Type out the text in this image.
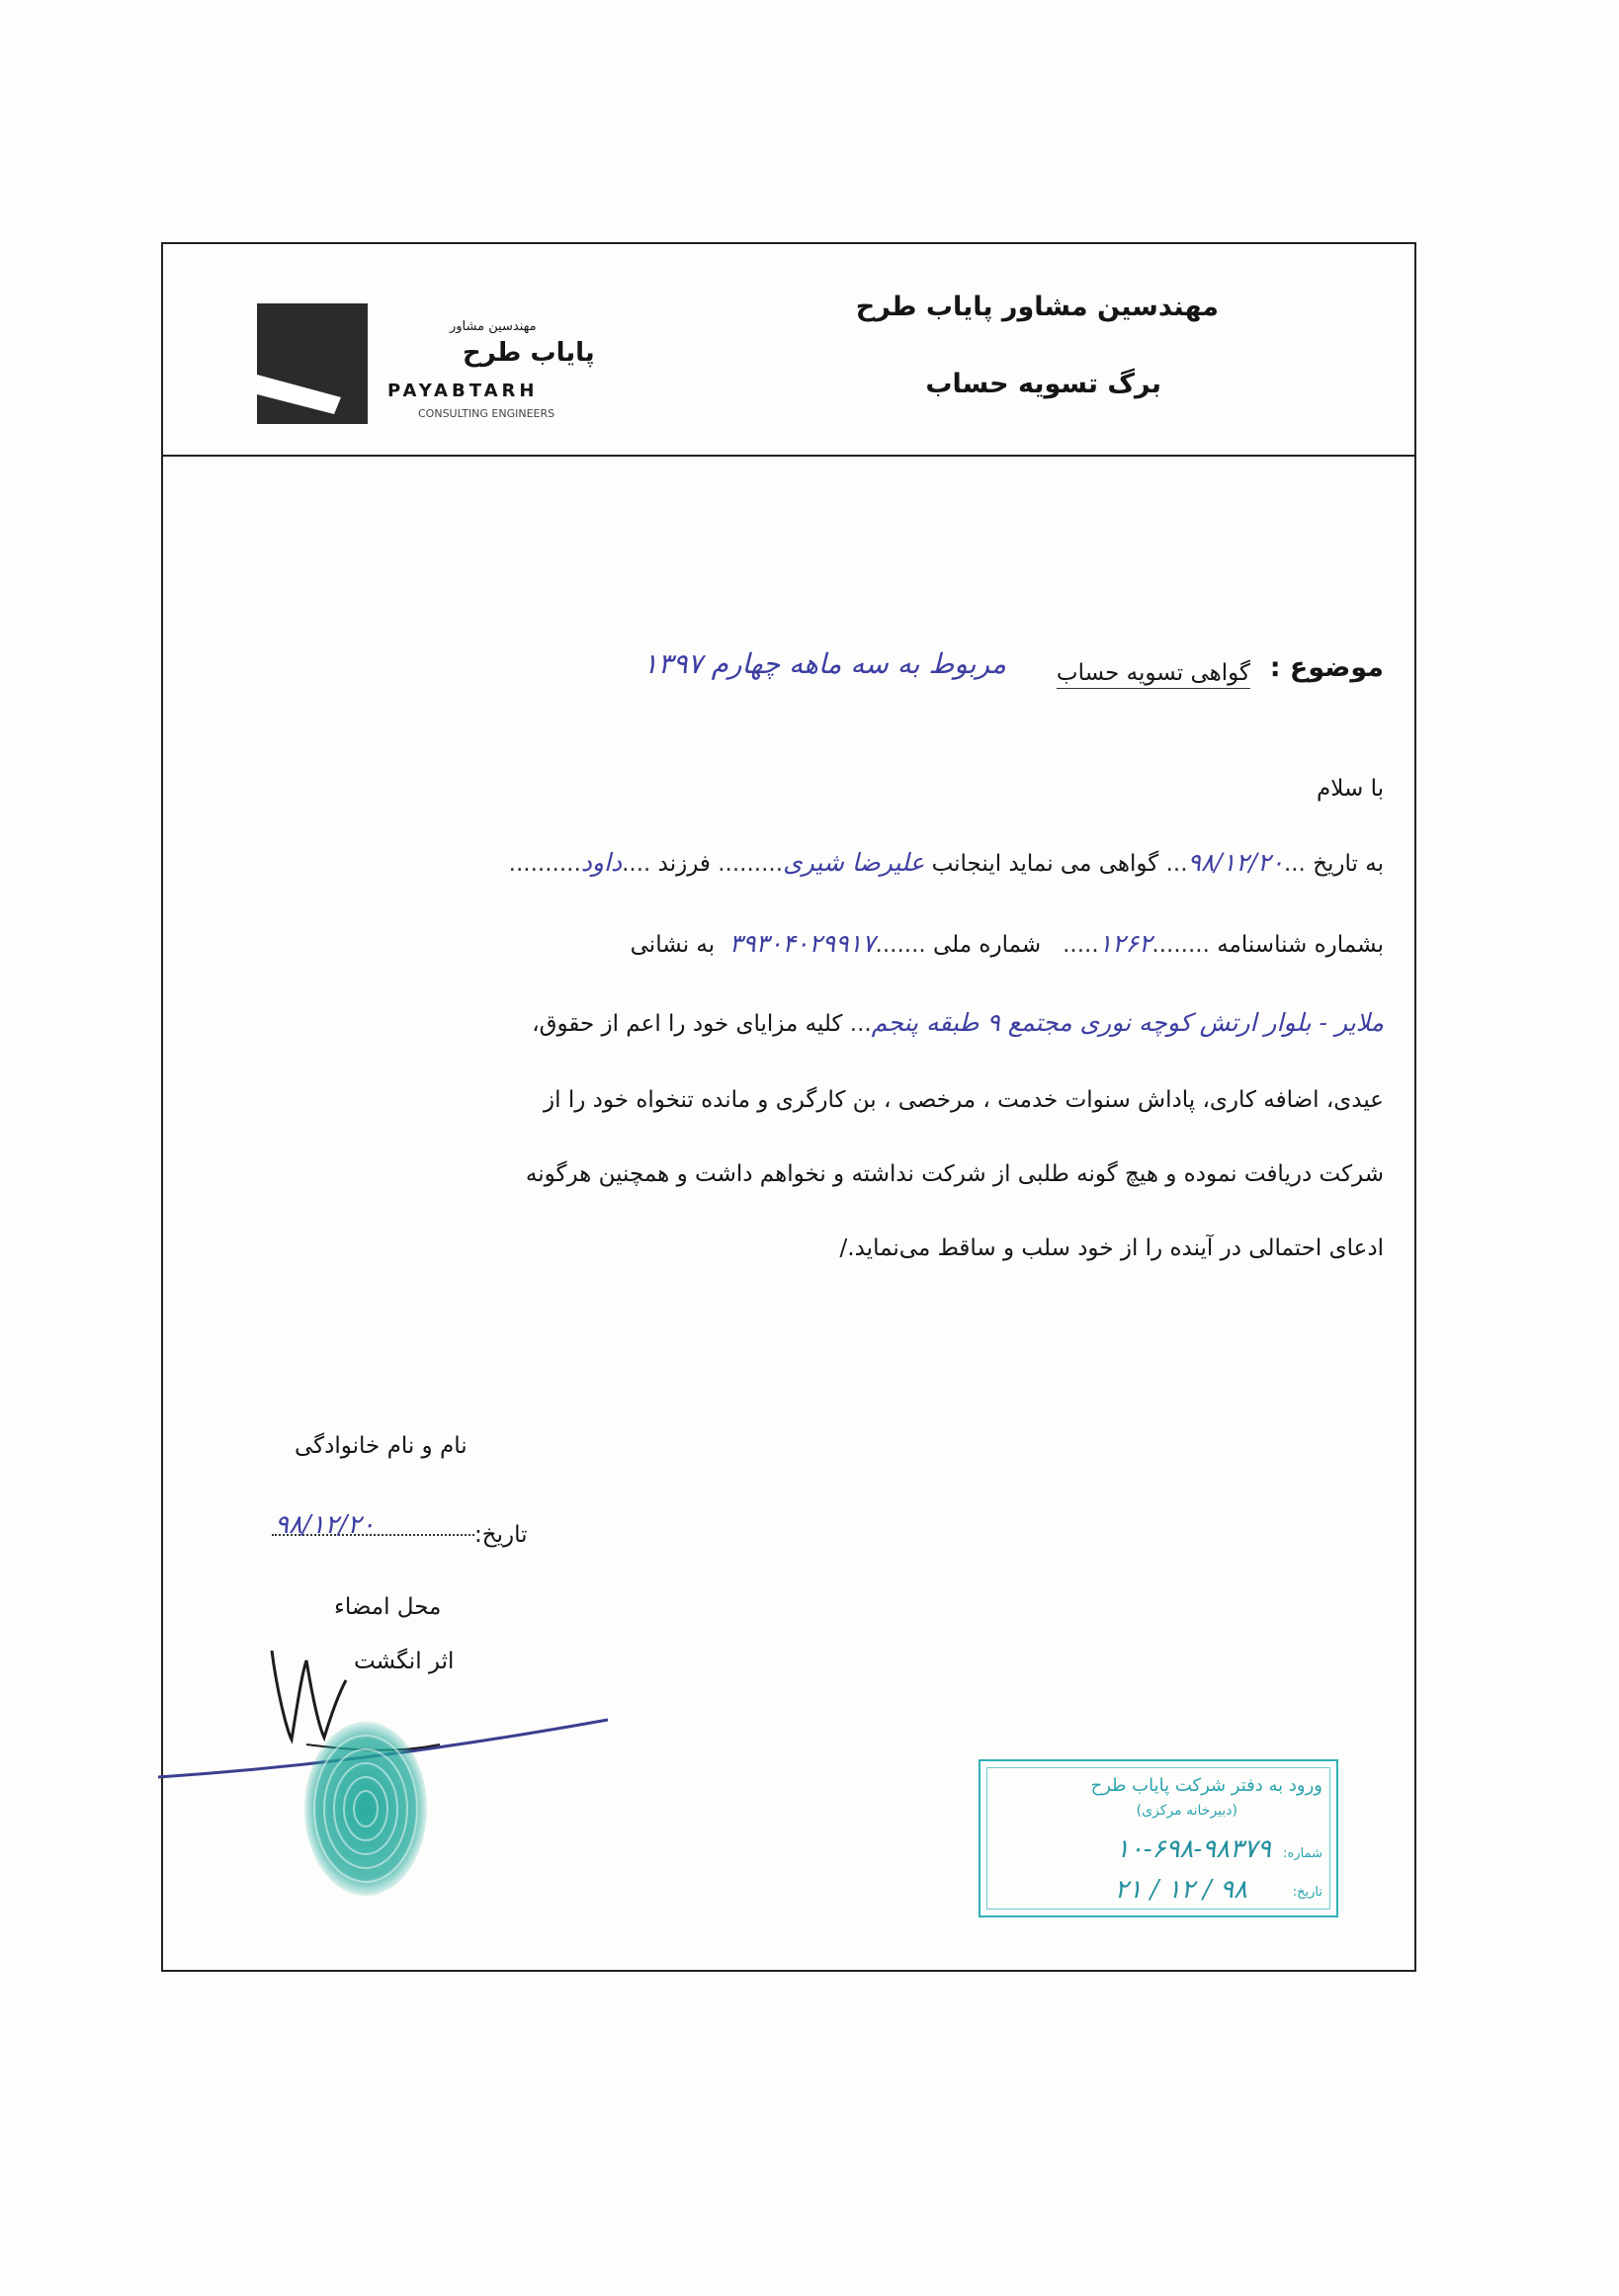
مهندسین مشاور پایاب طرح
برگ تسویه حساب
مهندسین مشاور
پایاب طرح
PAYABTARH
CONSULTING ENGINEERS
موضوع :
گواهی تسویه حساب
مربوط به سه ماهه چهارم ۱۳۹۷
با سلام
به تاریخ ...۹۸/۱۲/۲۰... گواهی می نماید اینجانب علیرضا شیری......... فرزند ....داود..........
بشماره شناسنامه ........۱۲۶۲.....   شماره ملی .......۳۹۳۰۴۰۲۹۹۱۷  به نشانی
ملایر - بلوار ارتش کوچه نوری مجتمع ۹ طبقه پنجم... کلیه مزایای خود را اعم از حقوق،
عیدی، اضافه کاری، پاداش سنوات خدمت ، مرخصی ، بن کارگری و مانده تنخواه خود را از
شرکت دریافت نموده و هیچ گونه طلبی از شرکت نداشته و نخواهم داشت و همچنین هرگونه
ادعای احتمالی در آینده را از خود سلب و ساقط می‌نماید./
نام و نام خانوادگی
تاریخ:
۹۸/۱۲/۲۰
محل امضاء
اثر انگشت
ورود به دفتر شرکت پایاب طرح
(دبیرخانه مرکزی)
شماره:
۱۰-۶۹۸-۹۸۳۷۹
تاریخ:
۹۸ / ۱۲ / ۲۱
